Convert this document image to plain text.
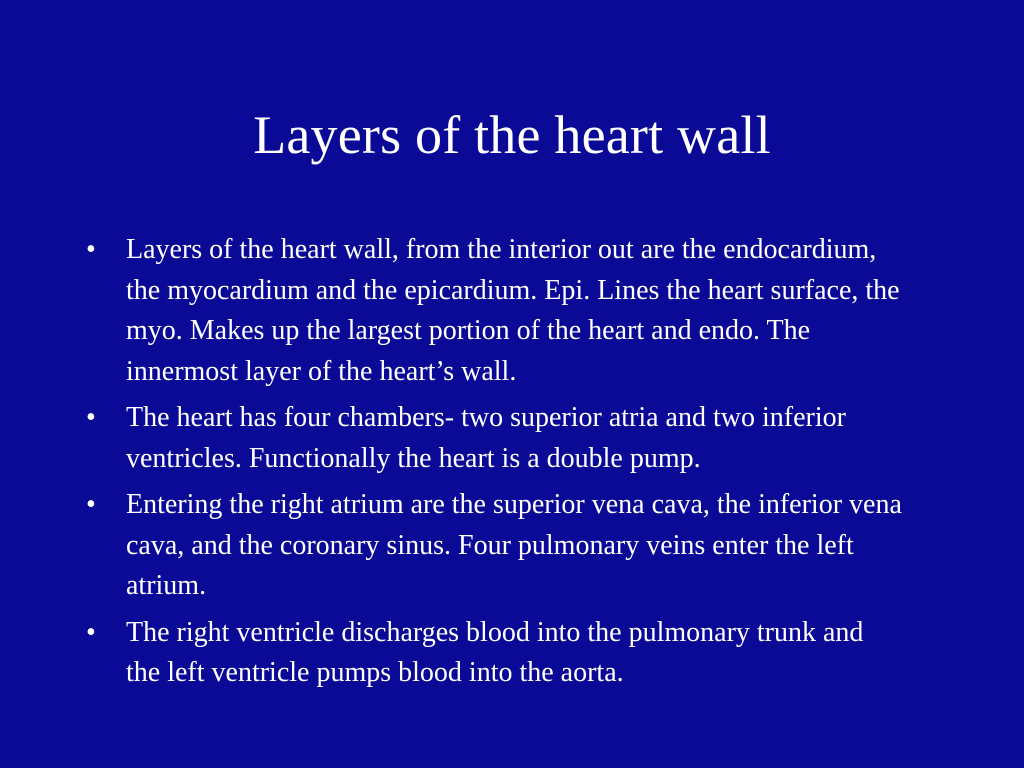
Layers of the heart wall
• Layers of the heart wall, from the interior out are the endocardium, the myocardium and the epicardium. Epi. Lines the heart surface, the myo. Makes up the largest portion of the heart and endo. The innermost layer of the heart’s wall.
• The heart has four chambers- two superior atria and two inferior ventricles. Functionally the heart is a double pump.
• Entering the right atrium are the superior vena cava, the inferior vena cava, and the coronary sinus. Four pulmonary veins enter the left atrium.
• The right ventricle discharges blood into the pulmonary trunk and the left ventricle pumps blood into the aorta.
